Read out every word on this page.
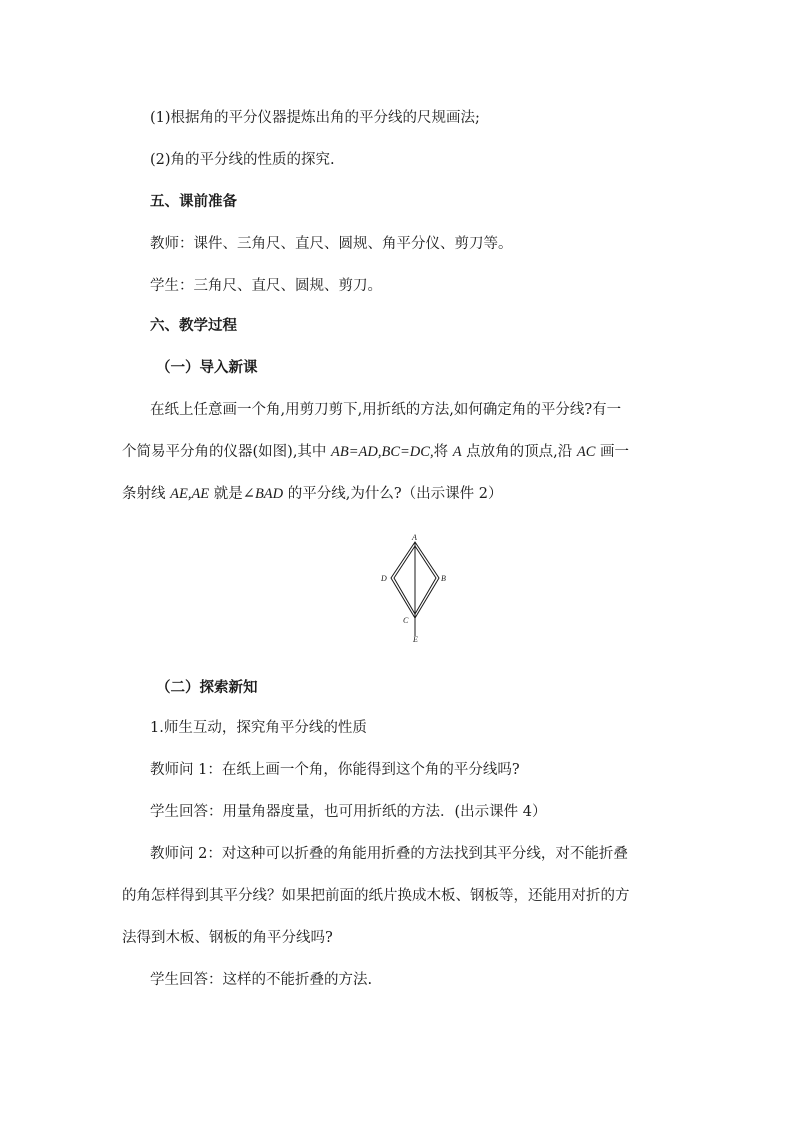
(1)根据角的平分仪器提炼出角的平分线的尺规画法;
(2)角的平分线的性质的探究.
五、课前准备
教师：课件、三角尺、直尺、圆规、角平分仪、剪刀等。
学生：三角尺、直尺、圆规、剪刀。
六、教学过程
（一）导入新课
在纸上任意画一个角,用剪刀剪下,用折纸的方法,如何确定角的平分线?有一
个简易平分角的仪器(如图),其中 AB=AD,BC=DC,将 A 点放角的顶点,沿 AC 画一
条射线 AE,AE 就是∠BAD 的平分线,为什么?（出示课件 2）
A
B
C
D
E
（二）探索新知
1.师生互动，探究角平分线的性质
教师问 1：在纸上画一个角，你能得到这个角的平分线吗?
学生回答：用量角器度量，也可用折纸的方法．(出示课件 4）
教师问 2：对这种可以折叠的角能用折叠的方法找到其平分线，对不能折叠
的角怎样得到其平分线？如果把前面的纸片换成木板、钢板等，还能用对折的方
法得到木板、钢板的角平分线吗?
学生回答：这样的不能折叠的方法.
